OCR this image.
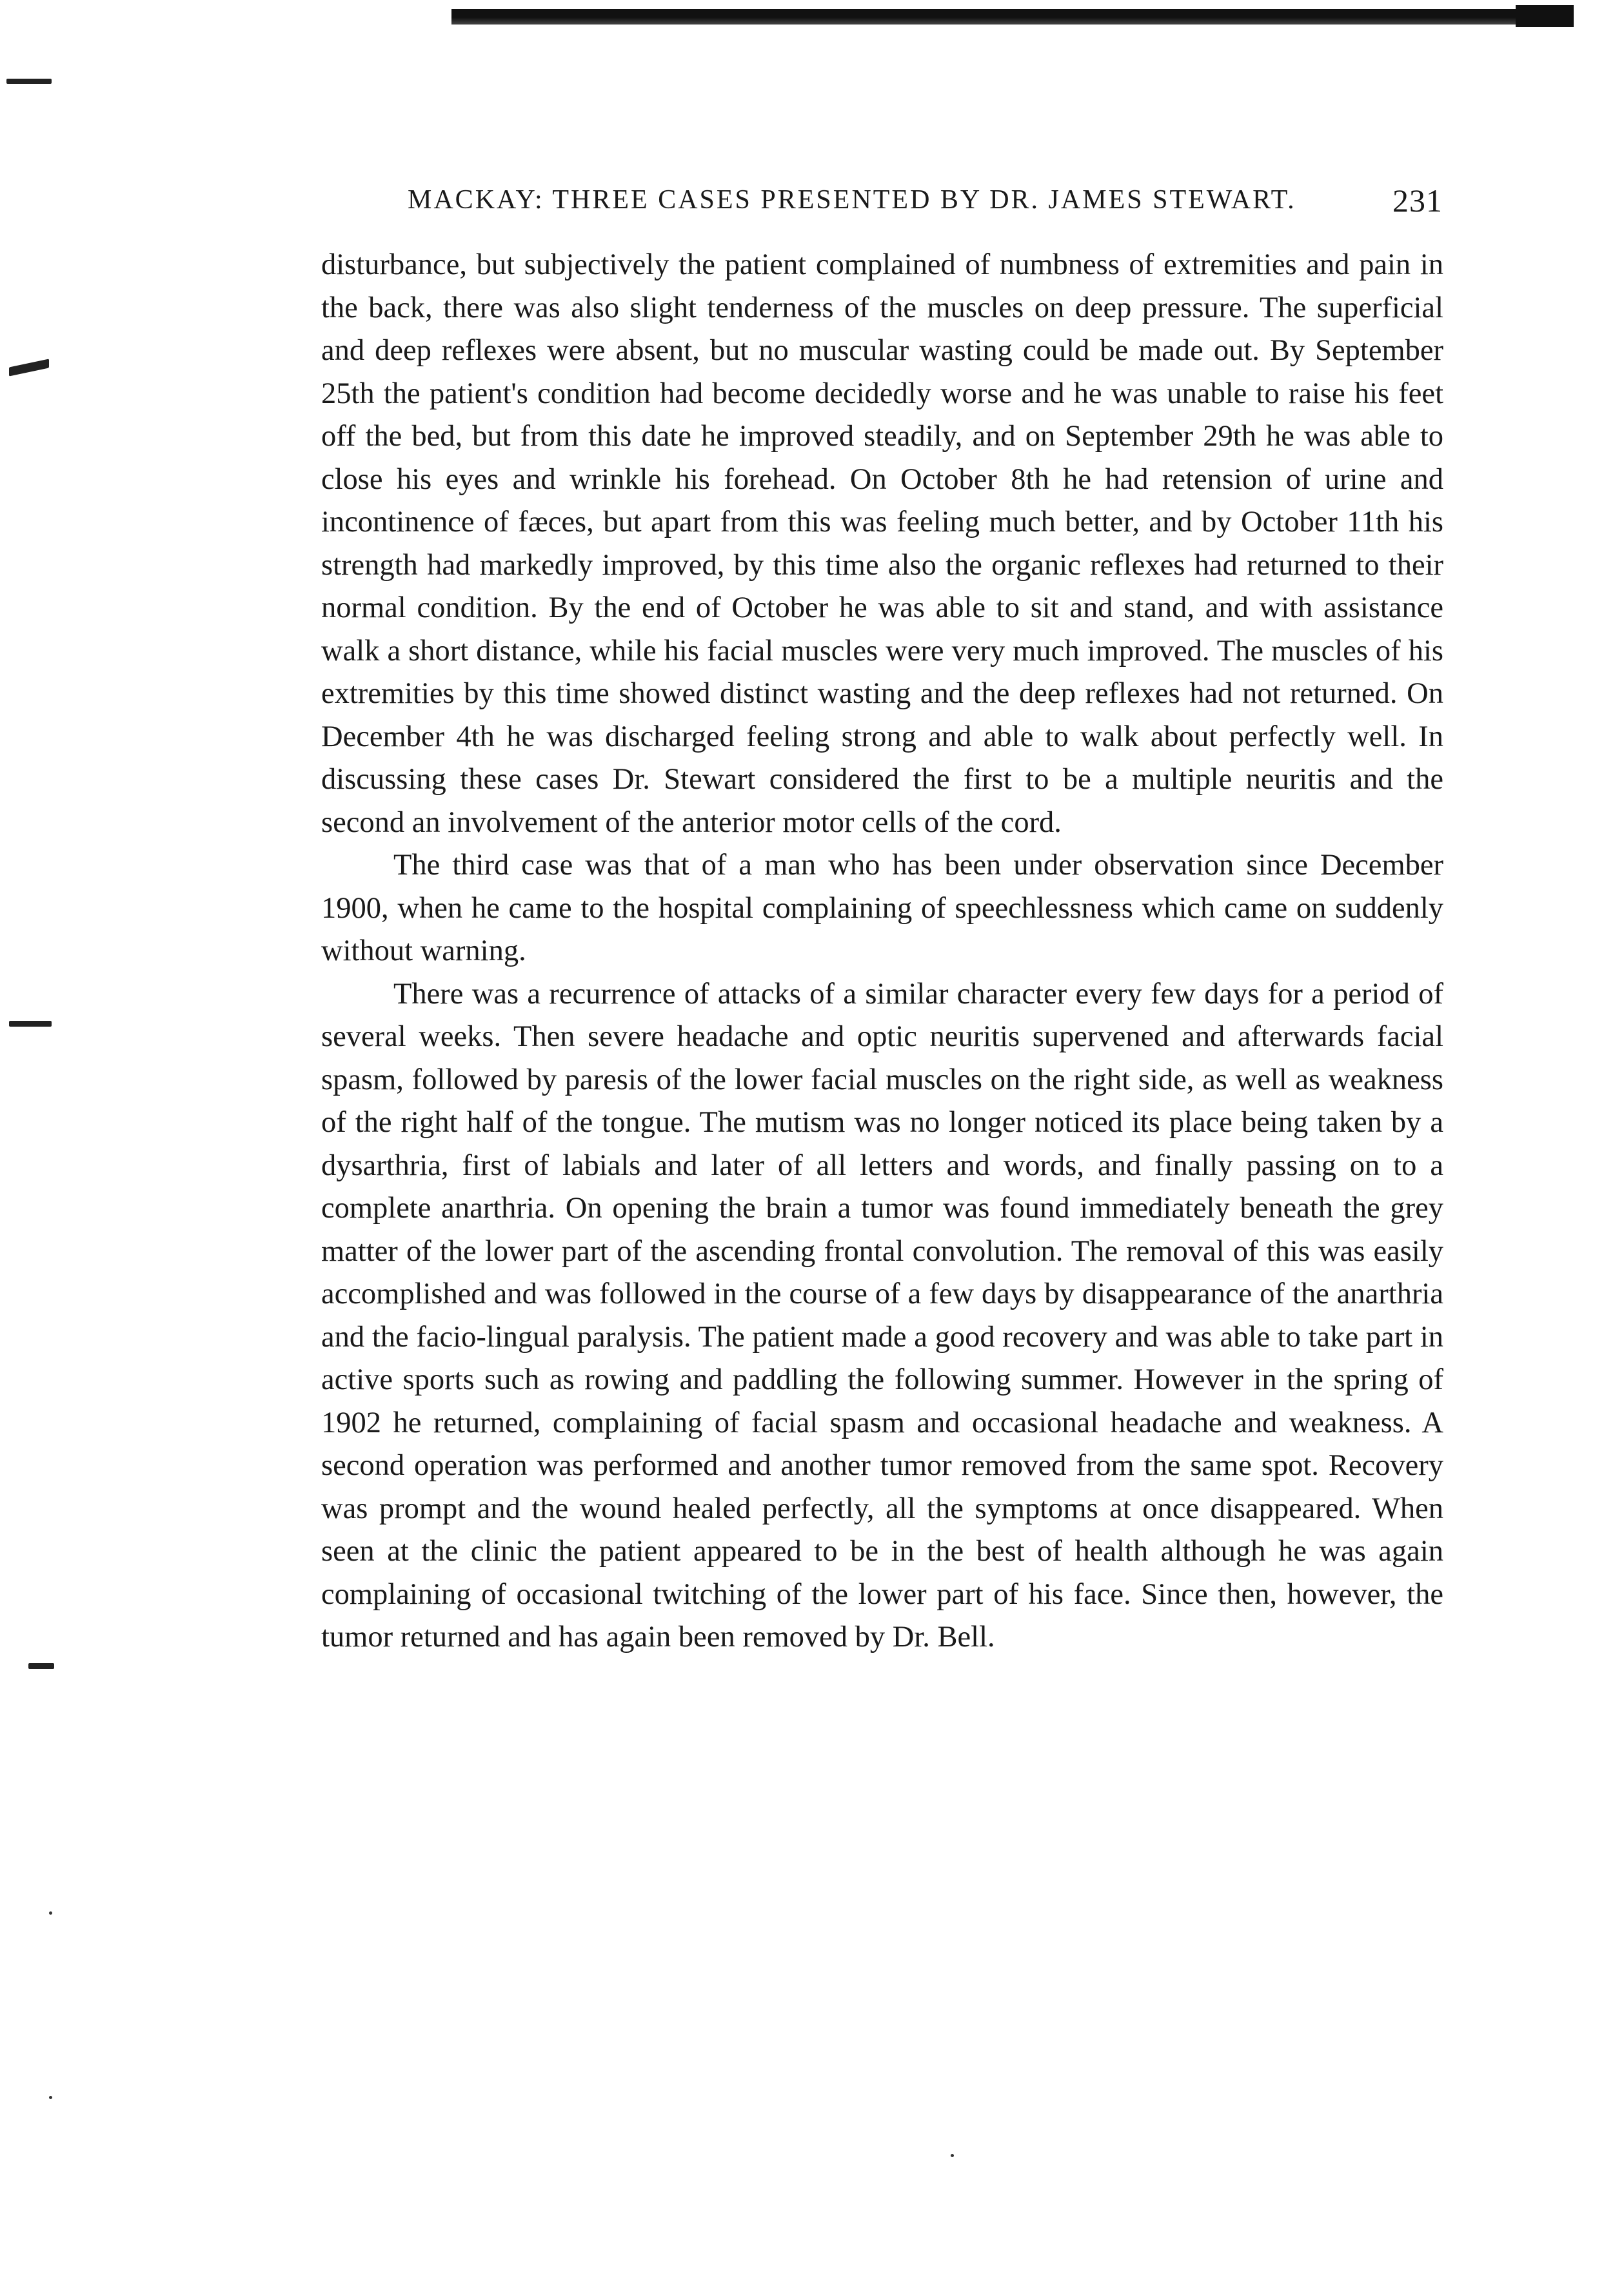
MACKAY: THREE CASES PRESENTED BY DR. JAMES STEWART.	231

disturbance, but subjectively the patient complained of numbness of extremities and pain in the back, there was also slight tenderness of the muscles on deep pressure. The superficial and deep reflexes were absent, but no muscular wasting could be made out. By September 25th the patient's condition had become decidedly worse and he was unable to raise his feet off the bed, but from this date he improved steadily, and on September 29th he was able to close his eyes and wrinkle his forehead. On October 8th he had retension of urine and incontinence of fæces, but apart from this was feeling much better, and by October 11th his strength had markedly improved, by this time also the organic reflexes had returned to their normal condition. By the end of October he was able to sit and stand, and with assistance walk a short distance, while his facial muscles were very much improved. The muscles of his extremities by this time showed distinct wasting and the deep reflexes had not returned. On December 4th he was discharged feeling strong and able to walk about perfectly well. In discussing these cases Dr. Stewart considered the first to be a multiple neuritis and the second an involvement of the anterior motor cells of the cord.

The third case was that of a man who has been under observation since December 1900, when he came to the hospital complaining of speechlessness which came on suddenly without warning.

There was a recurrence of attacks of a similar character every few days for a period of several weeks. Then severe headache and optic neuritis supervened and afterwards facial spasm, followed by paresis of the lower facial muscles on the right side, as well as weakness of the right half of the tongue. The mutism was no longer noticed its place being taken by a dysarthria, first of labials and later of all letters and words, and finally passing on to a complete anarthria. On opening the brain a tumor was found immediately beneath the grey matter of the lower part of the ascending frontal convolution. The removal of this was easily accomplished and was followed in the course of a few days by disappearance of the anarthria and the facio-lingual paralysis. The patient made a good recovery and was able to take part in active sports such as rowing and paddling the following summer. However in the spring of 1902 he returned, complaining of facial spasm and occasional headache and weakness. A second operation was performed and another tumor removed from the same spot. Recovery was prompt and the wound healed perfectly, all the symptoms at once disappeared. When seen at the clinic the patient appeared to be in the best of health although he was again complaining of occasional twitching of the lower part of his face. Since then, however, the tumor returned and has again been removed by Dr. Bell.
